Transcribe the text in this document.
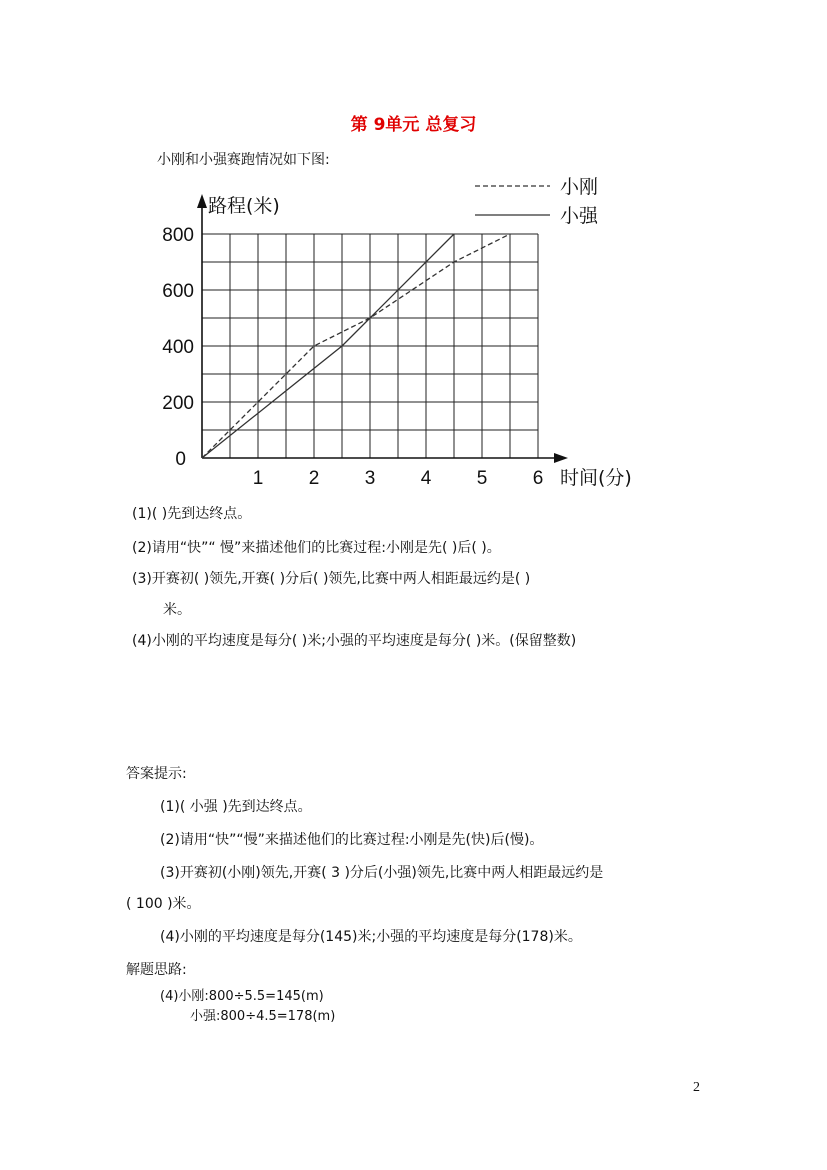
第 9单元 总复习
小刚和小强赛跑情况如下图:
1 2 3 4 5 6
0
200
400
600
800
小刚
小强
路程(米)
时间(分)
(1)( )先到达终点。
(2)请用“快”“ 慢”来描述他们的比赛过程:小刚是先( )后( )。
(3)开赛初( )领先,开赛( )分后( )领先,比赛中两人相距最远约是( )
米。
(4)小刚的平均速度是每分( )米;小强的平均速度是每分( )米。(保留整数)
答案提示:
(1)( 小强 )先到达终点。
(2)请用“快”“慢”来描述他们的比赛过程:小刚是先(快)后(慢)。
(3)开赛初(小刚)领先,开赛( 3 )分后(小强)领先,比赛中两人相距最远约是
( 100 )米。
(4)小刚的平均速度是每分(145)米;小强的平均速度是每分(178)米。
解题思路:
(4)小刚:800÷5.5=145(m)
小强:800÷4.5=178(m)
2
